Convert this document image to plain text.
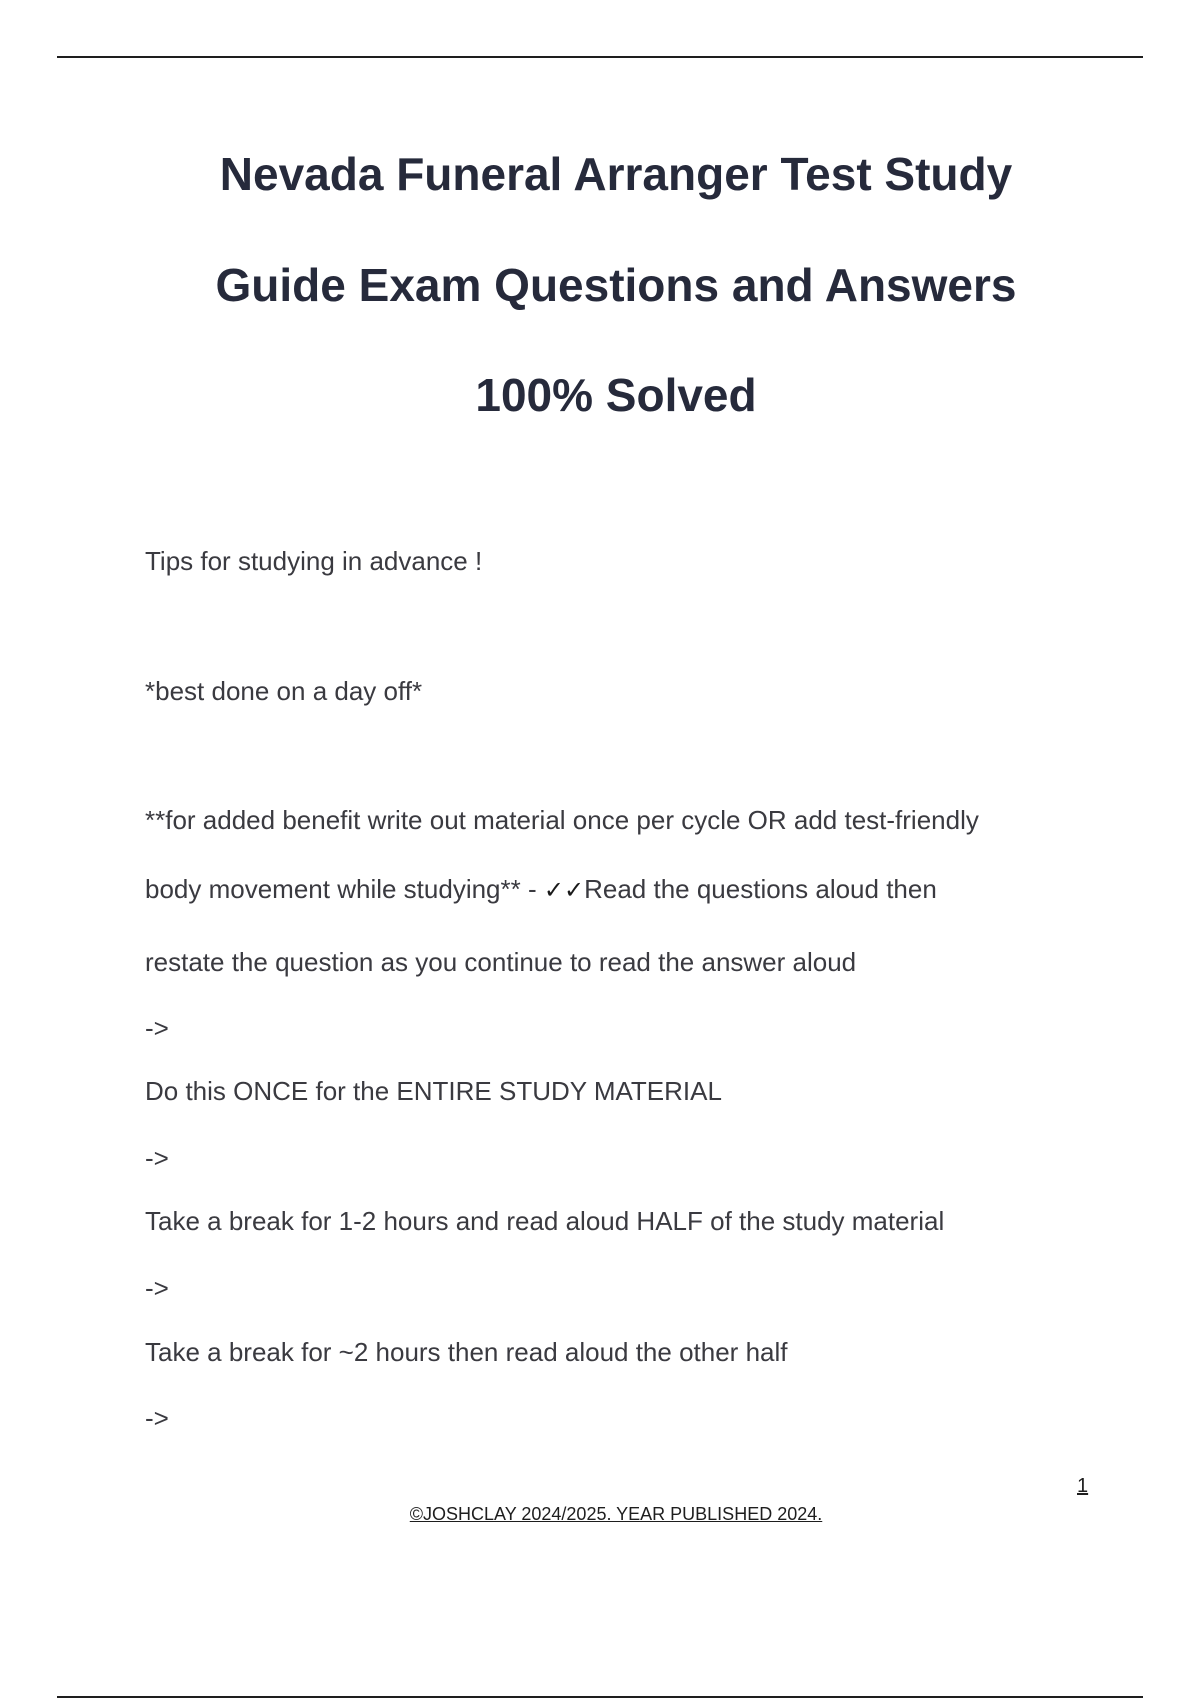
Nevada Funeral Arranger Test Study
Guide Exam Questions and Answers
100% Solved
Tips for studying in advance !
*best done on a day off*
**for added benefit write out material once per cycle OR add test-friendly
body movement while studying** - ✓✓Read the questions aloud then
restate the question as you continue to read the answer aloud
->
Do this ONCE for the ENTIRE STUDY MATERIAL
->
Take a break for 1-2 hours and read aloud HALF of the study material
->
Take a break for ~2 hours then read aloud the other half
->
1
©JOSHCLAY 2024/2025. YEAR PUBLISHED 2024.
